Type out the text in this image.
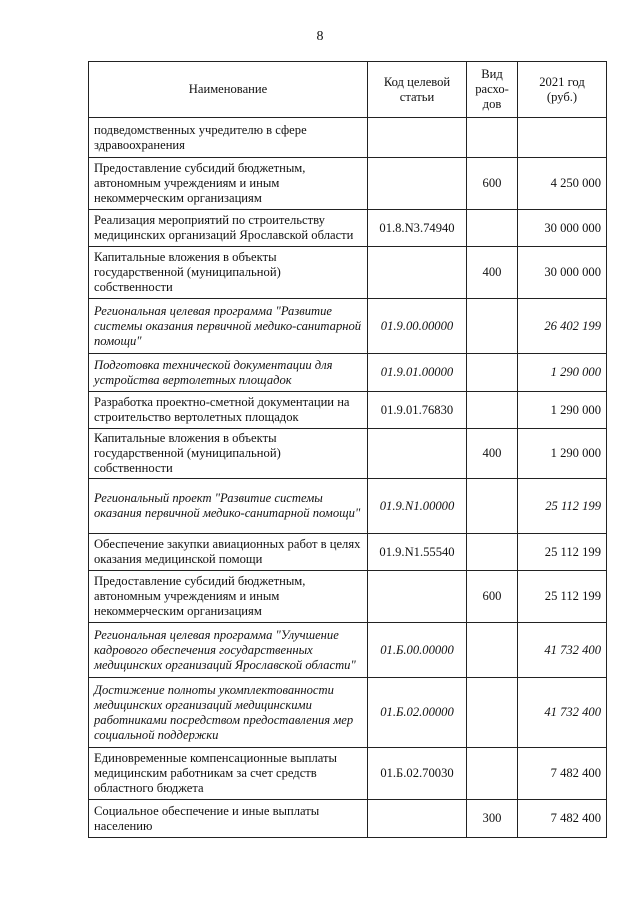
8
Наименование	Код целевой статьи	Вид расхо-дов	2021 год (руб.)
подведомственных учредителю в сфере здравоохранения			
Предоставление субсидий бюджетным, автономным учреждениям и иным некоммерческим организациям		600	4 250 000
Реализация мероприятий по строительству медицинских организаций Ярославской области	01.8.N3.74940		30 000 000
Капитальные вложения в объекты государственной (муниципальной) собственности		400	30 000 000
Региональная целевая программа "Развитие системы оказания первичной медико-санитарной помощи"	01.9.00.00000		26 402 199
Подготовка технической документации для устройства вертолетных площадок	01.9.01.00000		1 290 000
Разработка проектно-сметной документации на строительство вертолетных площадок	01.9.01.76830		1 290 000
Капитальные вложения в объекты государственной (муниципальной) собственности		400	1 290 000
Региональный проект "Развитие системы оказания первичной медико-санитарной помощи"	01.9.N1.00000		25 112 199
Обеспечение закупки авиационных работ в целях оказания медицинской помощи	01.9.N1.55540		25 112 199
Предоставление субсидий бюджетным, автономным учреждениям и иным некоммерческим организациям		600	25 112 199
Региональная целевая программа "Улучшение кадрового обеспечения государственных медицинских организаций Ярославской области"	01.Б.00.00000		41 732 400
Достижение полноты укомплектованности медицинских организаций медицинскими работниками посредством предоставления мер социальной поддержки	01.Б.02.00000		41 732 400
Единовременные компенсационные выплаты медицинским работникам за счет средств областного бюджета	01.Б.02.70030		7 482 400
Социальное обеспечение и иные выплаты населению		300	7 482 400
